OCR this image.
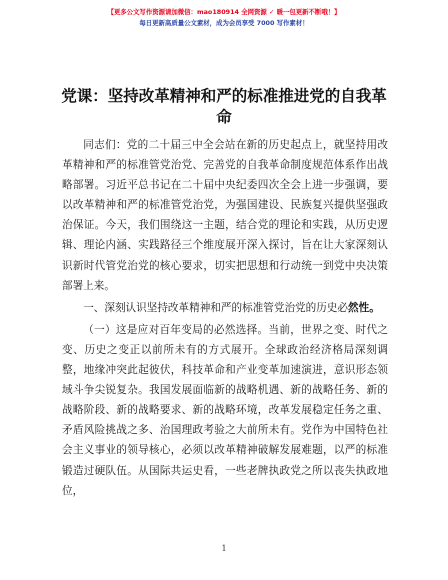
【更多公文写作资源请加微信：mao180914 全网资源 ✓ 暖一包更新不断哦！】
每日更新高质量公文素材，成为会员享受 7000 写作素材！
党课：坚持改革精神和严的标准推进党的自我革命

同志们：党的二十届三中全会站在新的历史起点上，就坚持用改革精神和严的标准管党治党、完善党的自我革命制度规范体系作出战略部署。习近平总书记在二十届中央纪委四次全会上进一步强调，要以改革精神和严的标准管党治党，为强国建设、民族复兴提供坚强政治保证。今天，我们围绕这一主题，结合党的理论和实践，从历史逻辑、理论内涵、实践路径三个维度展开深入探讨，旨在让大家深刻认识新时代管党治党的核心要求，切实把思想和行动统一到党中央决策部署上来。

一、深刻认识坚持改革精神和严的标准管党治党的历史必然性。

（一）这是应对百年变局的必然选择。当前，世界之变、时代之变、历史之变正以前所未有的方式展开。全球政治经济格局深刻调整，地缘冲突此起彼伏，科技革命和产业变革加速演进，意识形态领域斗争尖锐复杂。我国发展面临新的战略机遇、新的战略任务、新的战略阶段、新的战略要求、新的战略环境，改革发展稳定任务之重、矛盾风险挑战之多、治国理政考验之大前所未有。党作为中国特色社会主义事业的领导核心，必须以改革精神破解发展难题，以严的标准锻造过硬队伍。从国际共运史看，一些老牌执政党之所以丧失执政地位，

1
